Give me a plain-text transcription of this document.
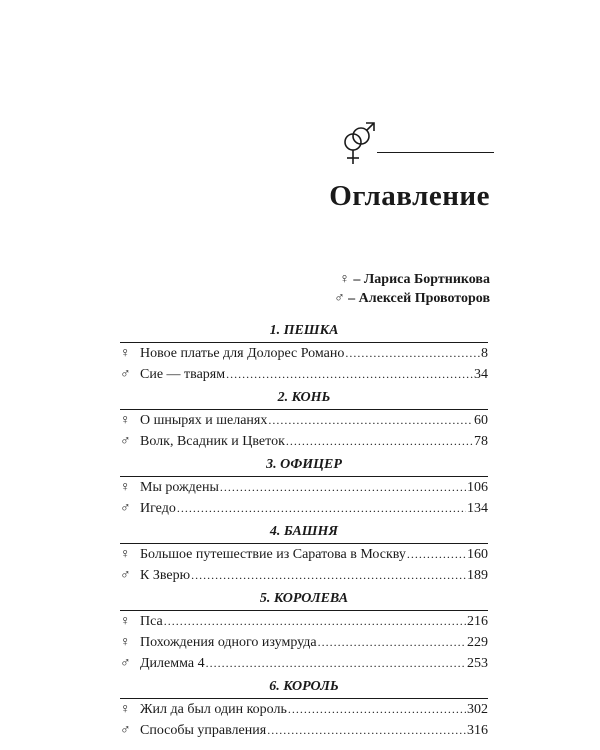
Оглавление
♀ – Лариса Бортникова
♂ – Алексей Провоторов
1. ПЕШКА
♀ Новое платье для Долорес Романо .....	8
♂ Сие — тварям .....	34
2. КОНЬ
♀ О шнырях и шеланях .....	60
♂ Волк, Всадник и Цветок .....	78
3. ОФИЦЕР
♀ Мы рождены .....	106
♂ Игедо .....	134
4. БАШНЯ
♀ Большое путешествие из Саратова в Москву .....	160
♂ К Зверю .....	189
5. КОРОЛЕВА
♀ Пса .....	216
♀ Похождения одного изумруда .....	229
♂ Дилемма 4 .....	253
6. КОРОЛЬ
♀ Жил да был один король .....	302
♂ Способы управления .....	316
